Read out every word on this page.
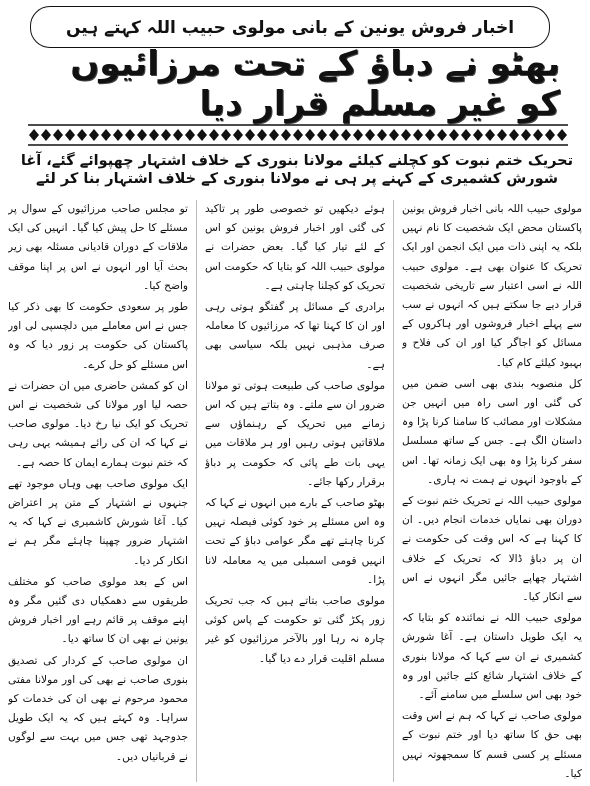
اخبار فروش یونین کے بانی مولوی حبیب اللہ کہتے ہیں
بھٹو نے دباؤ کے تحت مرزائیوں کو غیر مسلم قرار دیا
تحریک ختم نبوت کو کچلنے کیلئے مولانا بنوری کے خلاف اشتہار چھپوائے گئے، آغا شورش کشمیری کے کہنے پر ہی نے مولانا بنوری کے خلاف اشتہار بنا کر لئے

مولوی حبیب اللہ بانی اخبار فروش یونین پاکستان محض ایک شخصیت کا نام نہیں بلکہ یہ اپنی ذات میں ایک انجمن اور ایک تحریک کا عنوان بھی ہے۔ مولوی حبیب اللہ نے اسی اعتبار سے تاریخی شخصیت قرار دیے جا سکتے ہیں کہ انہوں نے سب سے پہلے اخبار فروشوں اور ہاکروں کے مسائل کو اجاگر کیا اور ان کی فلاح و بہبود کیلئے کام کیا۔

کل منصوبہ بندی بھی اسی ضمن میں کی گئی اور اسی راہ میں انہیں جن مشکلات اور مصائب کا سامنا کرنا پڑا وہ داستان الگ ہے۔ جس کے ساتھ مسلسل سفر کرنا پڑا وہ بھی ایک زمانہ تھا۔ اس کے باوجود انہوں نے ہمت نہ ہاری۔

مولوی حبیب اللہ نے تحریک ختم نبوت کے دوران بھی نمایاں خدمات انجام دیں۔ ان کا کہنا ہے کہ اس وقت کی حکومت نے ان پر دباؤ ڈالا کہ تحریک کے خلاف اشتہار چھاپے جائیں مگر انہوں نے اس سے انکار کیا۔

مولوی حبیب اللہ نے نمائندہ کو بتایا کہ یہ ایک طویل داستان ہے۔ آغا شورش کشمیری نے ان سے کہا کہ مولانا بنوری کے خلاف اشتہار شائع کئے جائیں اور وہ خود بھی اس سلسلے میں سامنے آئے۔

مولوی صاحب نے کہا کہ ہم نے اس وقت بھی حق کا ساتھ دیا اور ختم نبوت کے مسئلے پر کسی قسم کا سمجھوتہ نہیں کیا۔

ہوئے دیکھیں تو خصوصی طور پر تاکید کی گئی اور اخبار فروش یونین کو اس کے لئے تیار کیا گیا۔ بعض حضرات نے مولوی حبیب اللہ کو بتایا کہ حکومت اس تحریک کو کچلنا چاہتی ہے۔

برادری کے مسائل پر گفتگو ہوتی رہی اور ان کا کہنا تھا کہ مرزائیوں کا معاملہ صرف مذہبی نہیں بلکہ سیاسی بھی ہے۔

مولوی صاحب کی طبیعت ہوتی تو مولانا ضرور ان سے ملتے۔ وہ بتاتے ہیں کہ اس زمانے میں تحریک کے رہنماؤں سے ملاقاتیں ہوتی رہیں اور ہر ملاقات میں یہی بات طے پائی کہ حکومت پر دباؤ برقرار رکھا جائے۔

بھٹو صاحب کے بارے میں انہوں نے کہا کہ وہ اس مسئلے پر خود کوئی فیصلہ نہیں کرنا چاہتے تھے مگر عوامی دباؤ کے تحت انہیں قومی اسمبلی میں یہ معاملہ لانا پڑا۔

مولوی صاحب بتاتے ہیں کہ جب تحریک زور پکڑ گئی تو حکومت کے پاس کوئی چارہ نہ رہا اور بالآخر مرزائیوں کو غیر مسلم اقلیت قرار دے دیا گیا۔

تو مجلس صاحب مرزائیوں کے سوال پر مسئلے کا حل پیش کیا گیا۔ انہیں کی ایک ملاقات کے دوران قادیانی مسئلہ بھی زیر بحث آیا اور انہوں نے اس پر اپنا موقف واضح کیا۔

طور پر سعودی حکومت کا بھی ذکر کیا جس نے اس معاملے میں دلچسپی لی اور پاکستان کی حکومت پر زور دیا کہ وہ اس مسئلے کو حل کرے۔

ان کو کمشن حاضری میں ان حضرات نے حصہ لیا اور مولانا کی شخصیت نے اس تحریک کو ایک نیا رخ دیا۔ مولوی صاحب نے کہا کہ ان کی رائے ہمیشہ یہی رہی کہ ختم نبوت ہمارے ایمان کا حصہ ہے۔

ایک مولوی صاحب بھی وہاں موجود تھے جنہوں نے اشتہار کے متن پر اعتراض کیا۔ آغا شورش کاشمیری نے کہا کہ یہ اشتہار ضرور چھپنا چاہئے مگر ہم نے انکار کر دیا۔

اس کے بعد مولوی صاحب کو مختلف طریقوں سے دھمکیاں دی گئیں مگر وہ اپنے موقف پر قائم رہے اور اخبار فروش یونین نے بھی ان کا ساتھ دیا۔

ان مولوی صاحب کے کردار کی تصدیق بنوری صاحب نے بھی کی اور مولانا مفتی محمود مرحوم نے بھی ان کی خدمات کو سراہا۔ وہ کہتے ہیں کہ یہ ایک طویل جدوجہد تھی جس میں بہت سے لوگوں نے قربانیاں دیں۔
